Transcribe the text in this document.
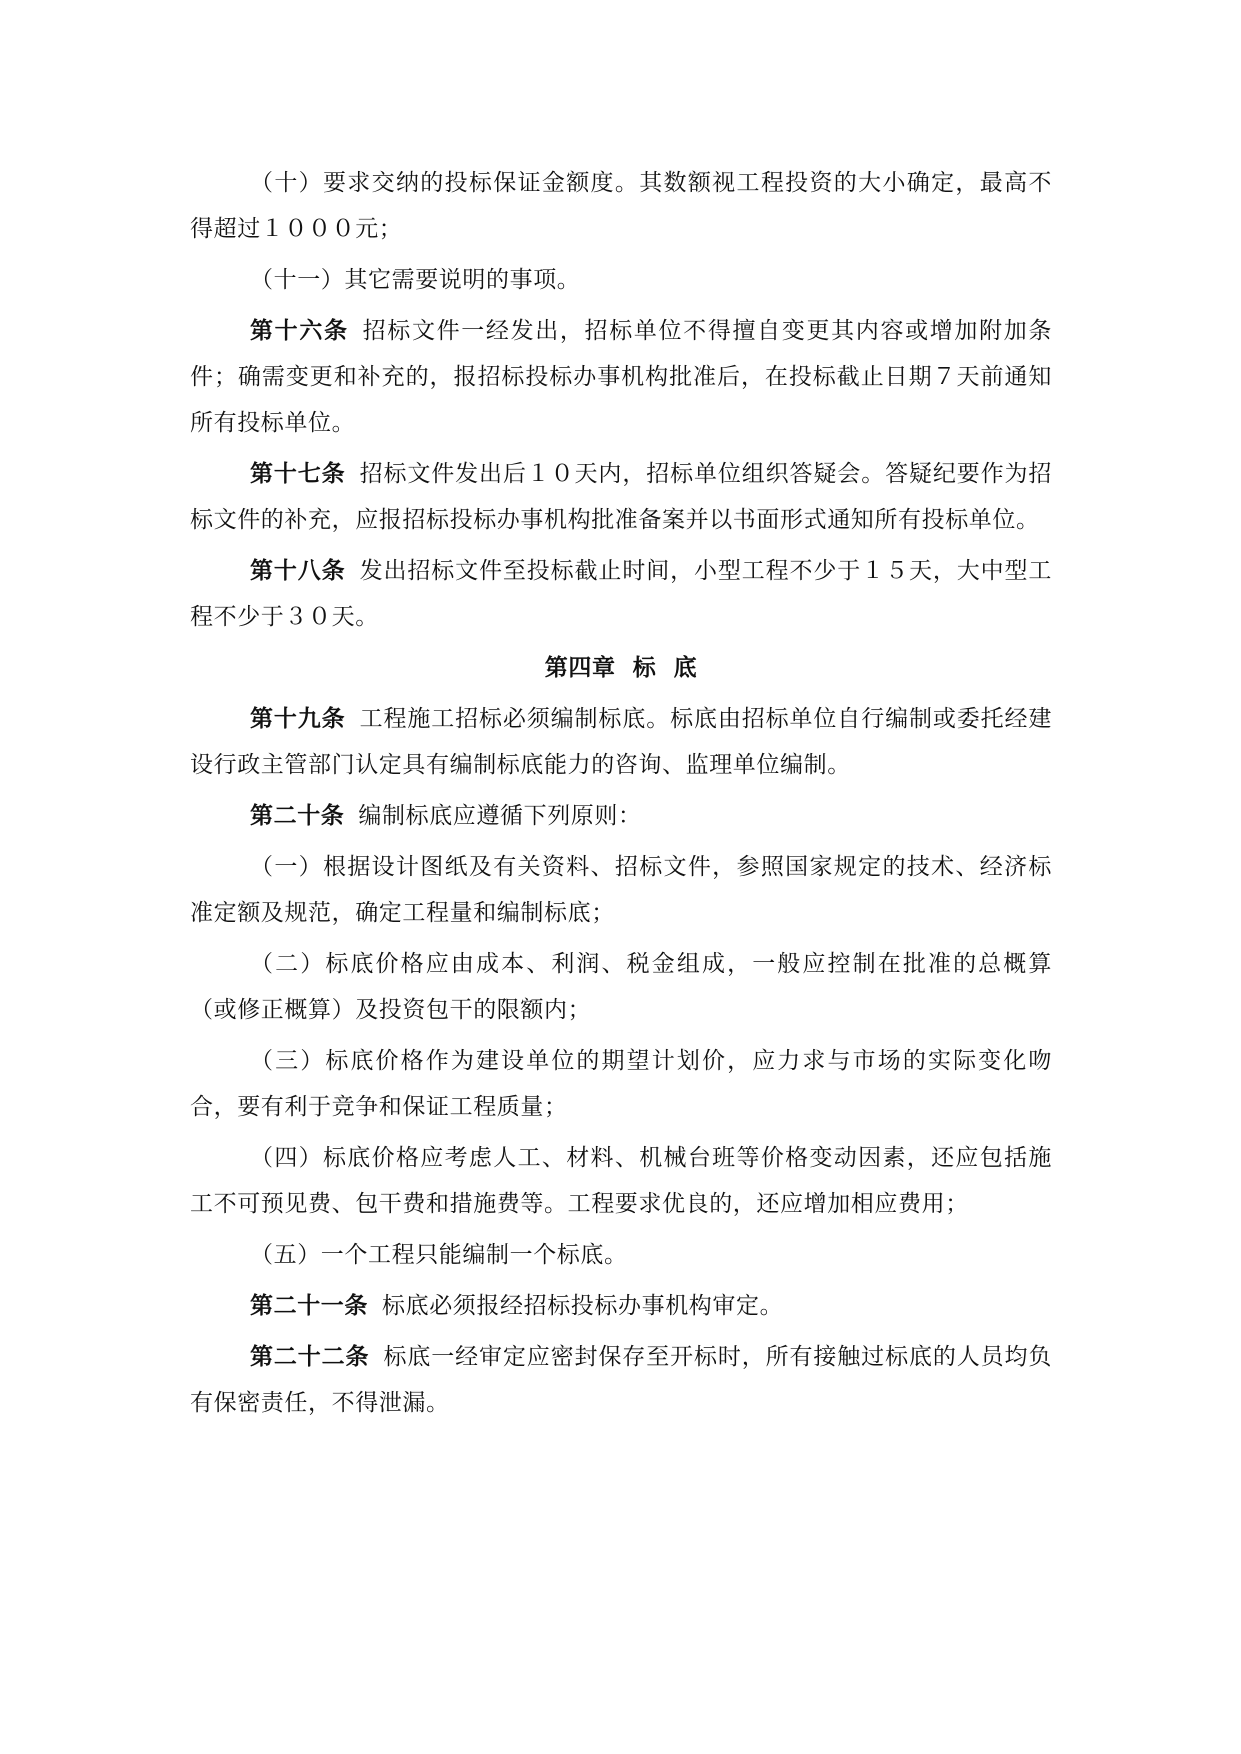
（十）要求交纳的投标保证金额度。其数额视工程投资的大小确定，最高不得超过１０００元；

（十一）其它需要说明的事项。

第十六条 招标文件一经发出，招标单位不得擅自变更其内容或增加附加条件；确需变更和补充的，报招标投标办事机构批准后，在投标截止日期７天前通知所有投标单位。

第十七条 招标文件发出后１０天内，招标单位组织答疑会。答疑纪要作为招标文件的补充，应报招标投标办事机构批准备案并以书面形式通知所有投标单位。

第十八条 发出招标文件至投标截止时间，小型工程不少于１５天，大中型工程不少于３０天。

第四章  标  底

第十九条 工程施工招标必须编制标底。标底由招标单位自行编制或委托经建设行政主管部门认定具有编制标底能力的咨询、监理单位编制。

第二十条 编制标底应遵循下列原则：

（一）根据设计图纸及有关资料、招标文件，参照国家规定的技术、经济标准定额及规范，确定工程量和编制标底；

（二）标底价格应由成本、利润、税金组成，一般应控制在批准的总概算（或修正概算）及投资包干的限额内；

（三）标底价格作为建设单位的期望计划价，应力求与市场的实际变化吻合，要有利于竞争和保证工程质量；

（四）标底价格应考虑人工、材料、机械台班等价格变动因素，还应包括施工不可预见费、包干费和措施费等。工程要求优良的，还应增加相应费用；

（五）一个工程只能编制一个标底。

第二十一条 标底必须报经招标投标办事机构审定。

第二十二条 标底一经审定应密封保存至开标时，所有接触过标底的人员均负有保密责任，不得泄漏。
